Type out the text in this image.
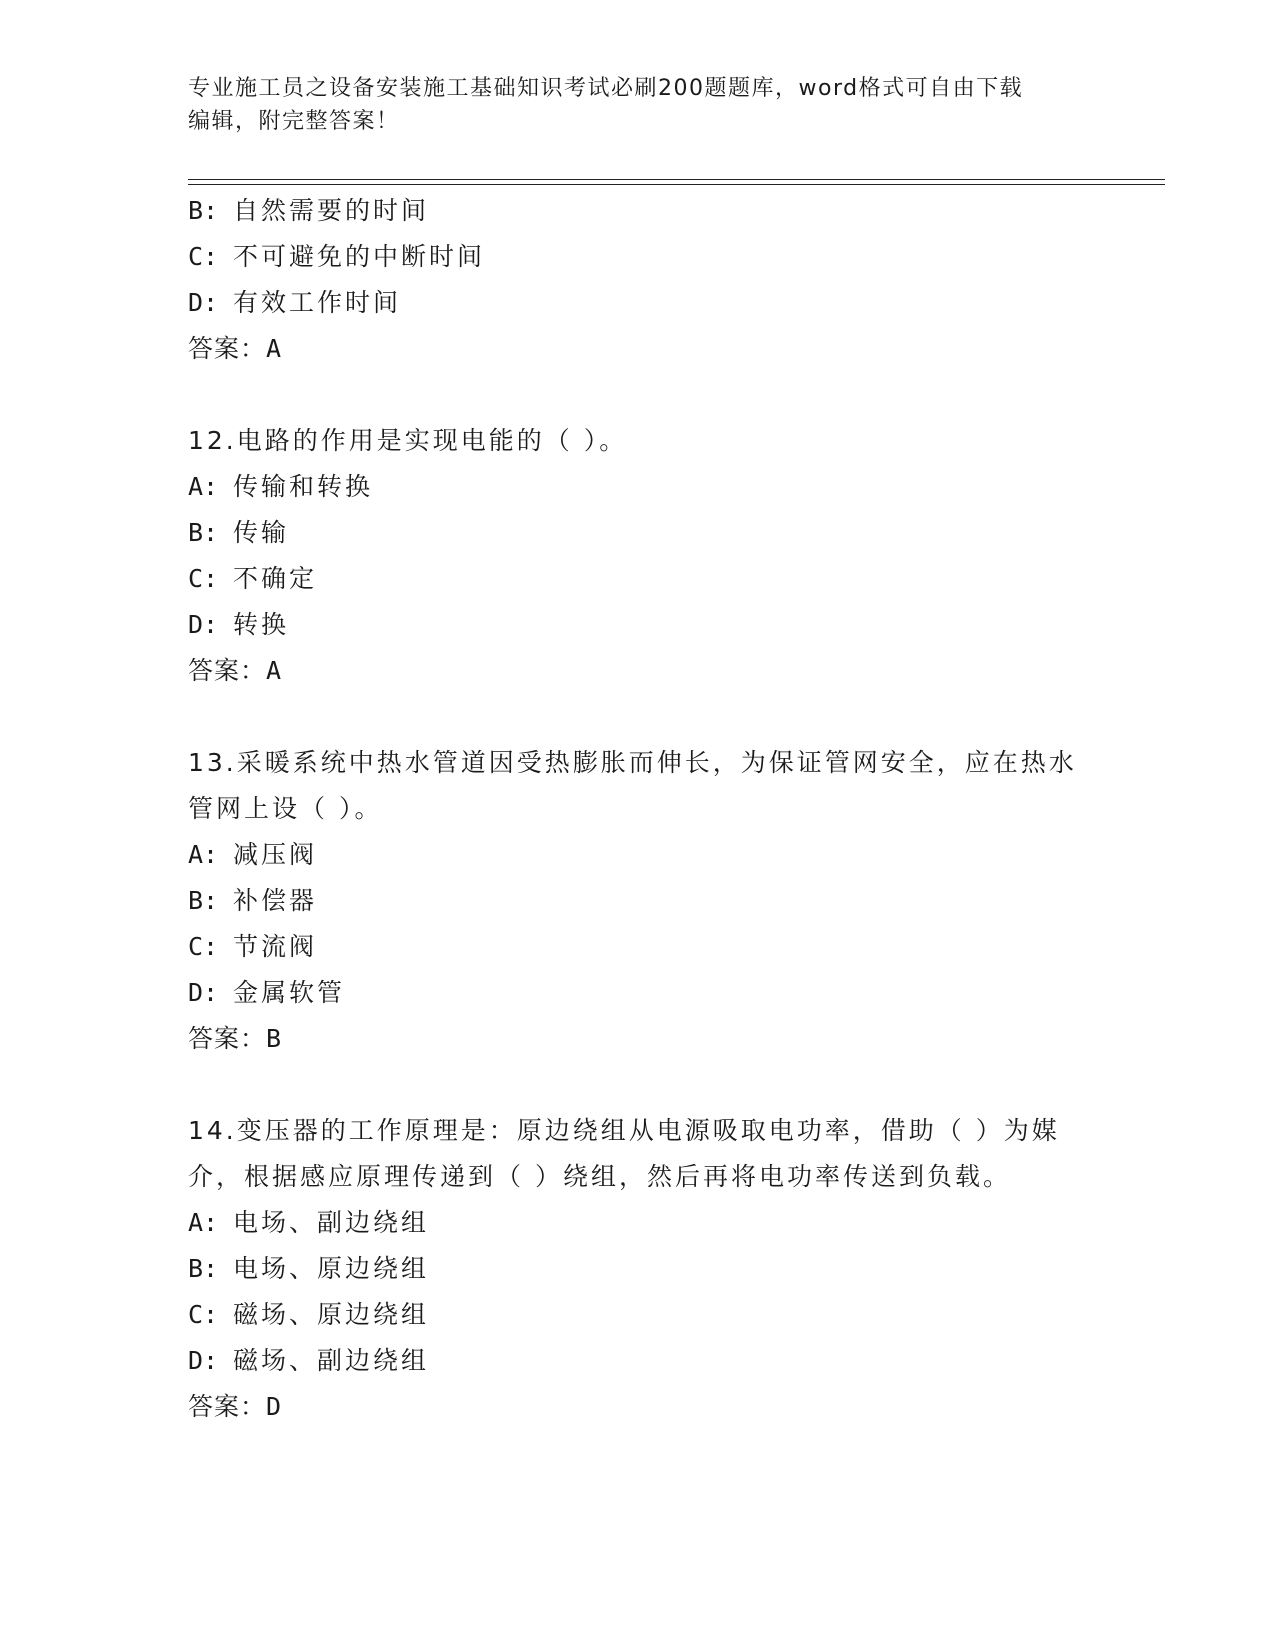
专业施工员之设备安装施工基础知识考试必刷200题题库，word格式可自由下载
编辑，附完整答案！
B: 自然需要的时间
C: 不可避免的中断时间
D: 有效工作时间
答案：A
12.电路的作用是实现电能的（ ）。
A: 传输和转换
B: 传输
C: 不确定
D: 转换
答案：A
13.采暖系统中热水管道因受热膨胀而伸长，为保证管网安全，应在热水管网上设（ ）。
A: 减压阀
B: 补偿器
C: 节流阀
D: 金属软管
答案：B
14.变压器的工作原理是：原边绕组从电源吸取电功率，借助（ ）为媒介，根据感应原理传递到（ ）绕组，然后再将电功率传送到负载。
A: 电场、副边绕组
B: 电场、原边绕组
C: 磁场、原边绕组
D: 磁场、副边绕组
答案：D
